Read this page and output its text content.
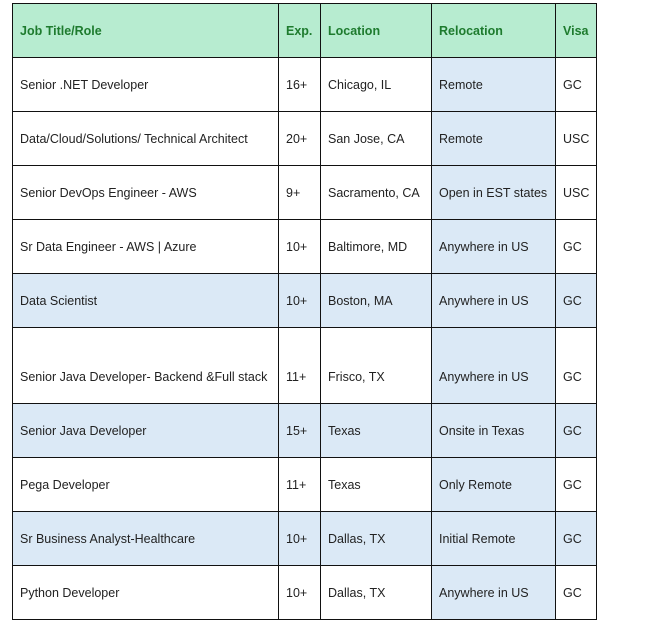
Job Title/Role	Exp.	Location	Relocation	Visa
Senior .NET Developer	16+	Chicago, IL	Remote	GC
Data/Cloud/Solutions/ Technical Architect	20+	San Jose, CA	Remote	USC
Senior DevOps Engineer - AWS	9+	Sacramento, CA	Open in EST states	USC
Sr Data Engineer - AWS | Azure	10+	Baltimore, MD	Anywhere in US	GC
Data Scientist	10+	Boston, MA	Anywhere in US	GC
Senior Java Developer- Backend &Full stack	11+	Frisco, TX	Anywhere in US	GC
Senior Java Developer	15+	Texas	Onsite in Texas	GC
Pega Developer	11+	Texas	Only Remote	GC
Sr Business Analyst-Healthcare	10+	Dallas, TX	Initial Remote	GC
Python Developer	10+	Dallas, TX	Anywhere in US	GC
